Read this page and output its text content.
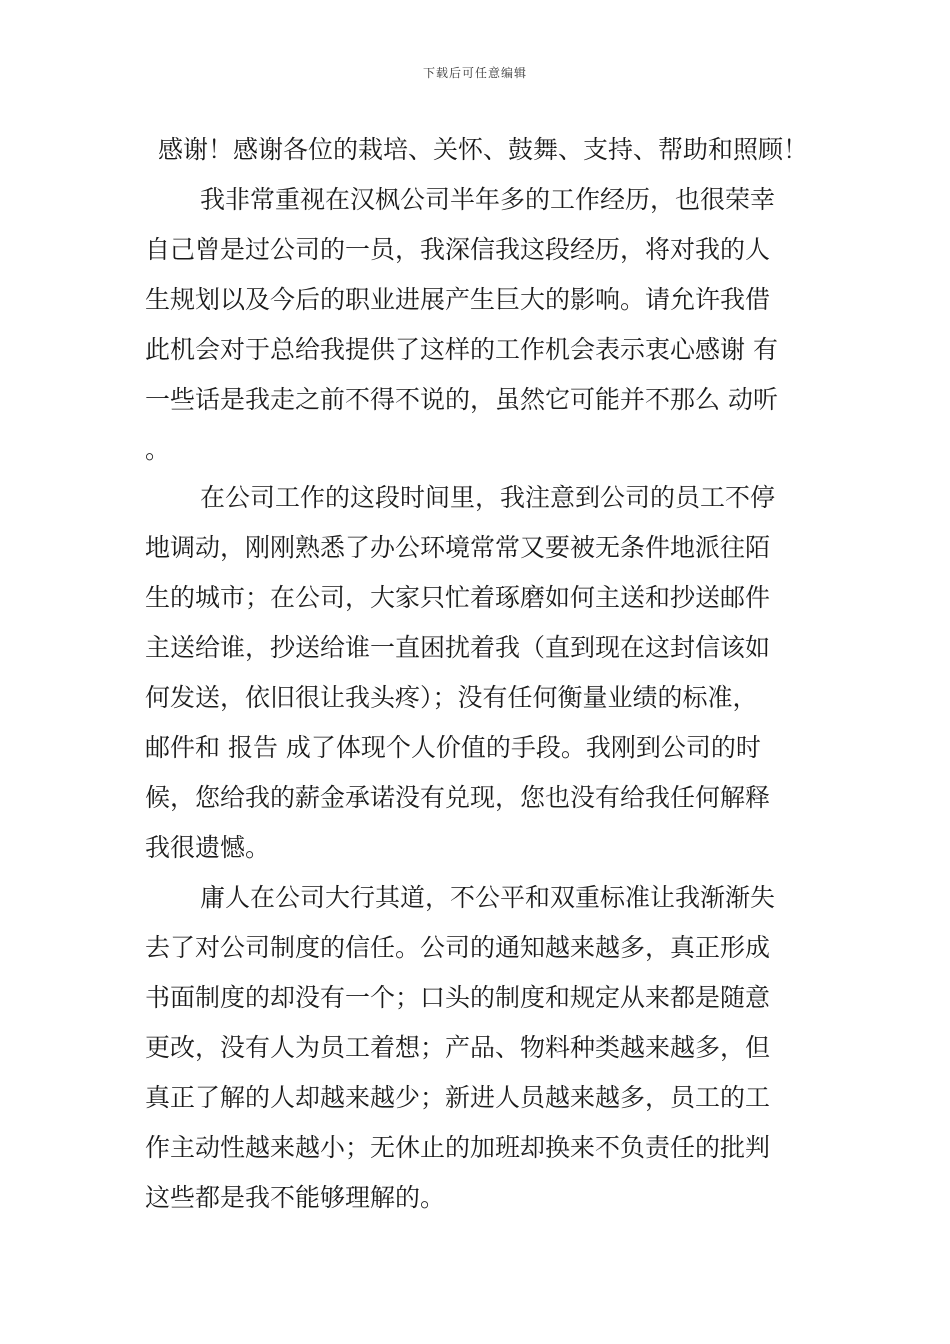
下载后可任意编辑
感谢！感谢各位的栽培、关怀、鼓舞、支持、帮助和照顾！
我非常重视在汉枫公司半年多的工作经历，也很荣幸
自己曾是过公司的一员，我深信我这段经历，将对我的人
生规划以及今后的职业进展产生巨大的影响。请允许我借
此机会对于总给我提供了这样的工作机会表示衷心感谢 有
一些话是我走之前不得不说的，虽然它可能并不那么 动听
。
在公司工作的这段时间里，我注意到公司的员工不停
地调动，刚刚熟悉了办公环境常常又要被无条件地派往陌
生的城市；在公司，大家只忙着琢磨如何主送和抄送邮件
主送给谁，抄送给谁一直困扰着我（直到现在这封信该如
何发送，依旧很让我头疼）；没有任何衡量业绩的标准，
邮件和 报告 成了体现个人价值的手段。我刚到公司的时
候，您给我的薪金承诺没有兑现，您也没有给我任何解释
我很遗憾。
庸人在公司大行其道，不公平和双重标准让我渐渐失
去了对公司制度的信任。公司的通知越来越多，真正形成
书面制度的却没有一个；口头的制度和规定从来都是随意
更改，没有人为员工着想；产品、物料种类越来越多，但
真正了解的人却越来越少；新进人员越来越多，员工的工
作主动性越来越小；无休止的加班却换来不负责任的批判
这些都是我不能够理解的。
